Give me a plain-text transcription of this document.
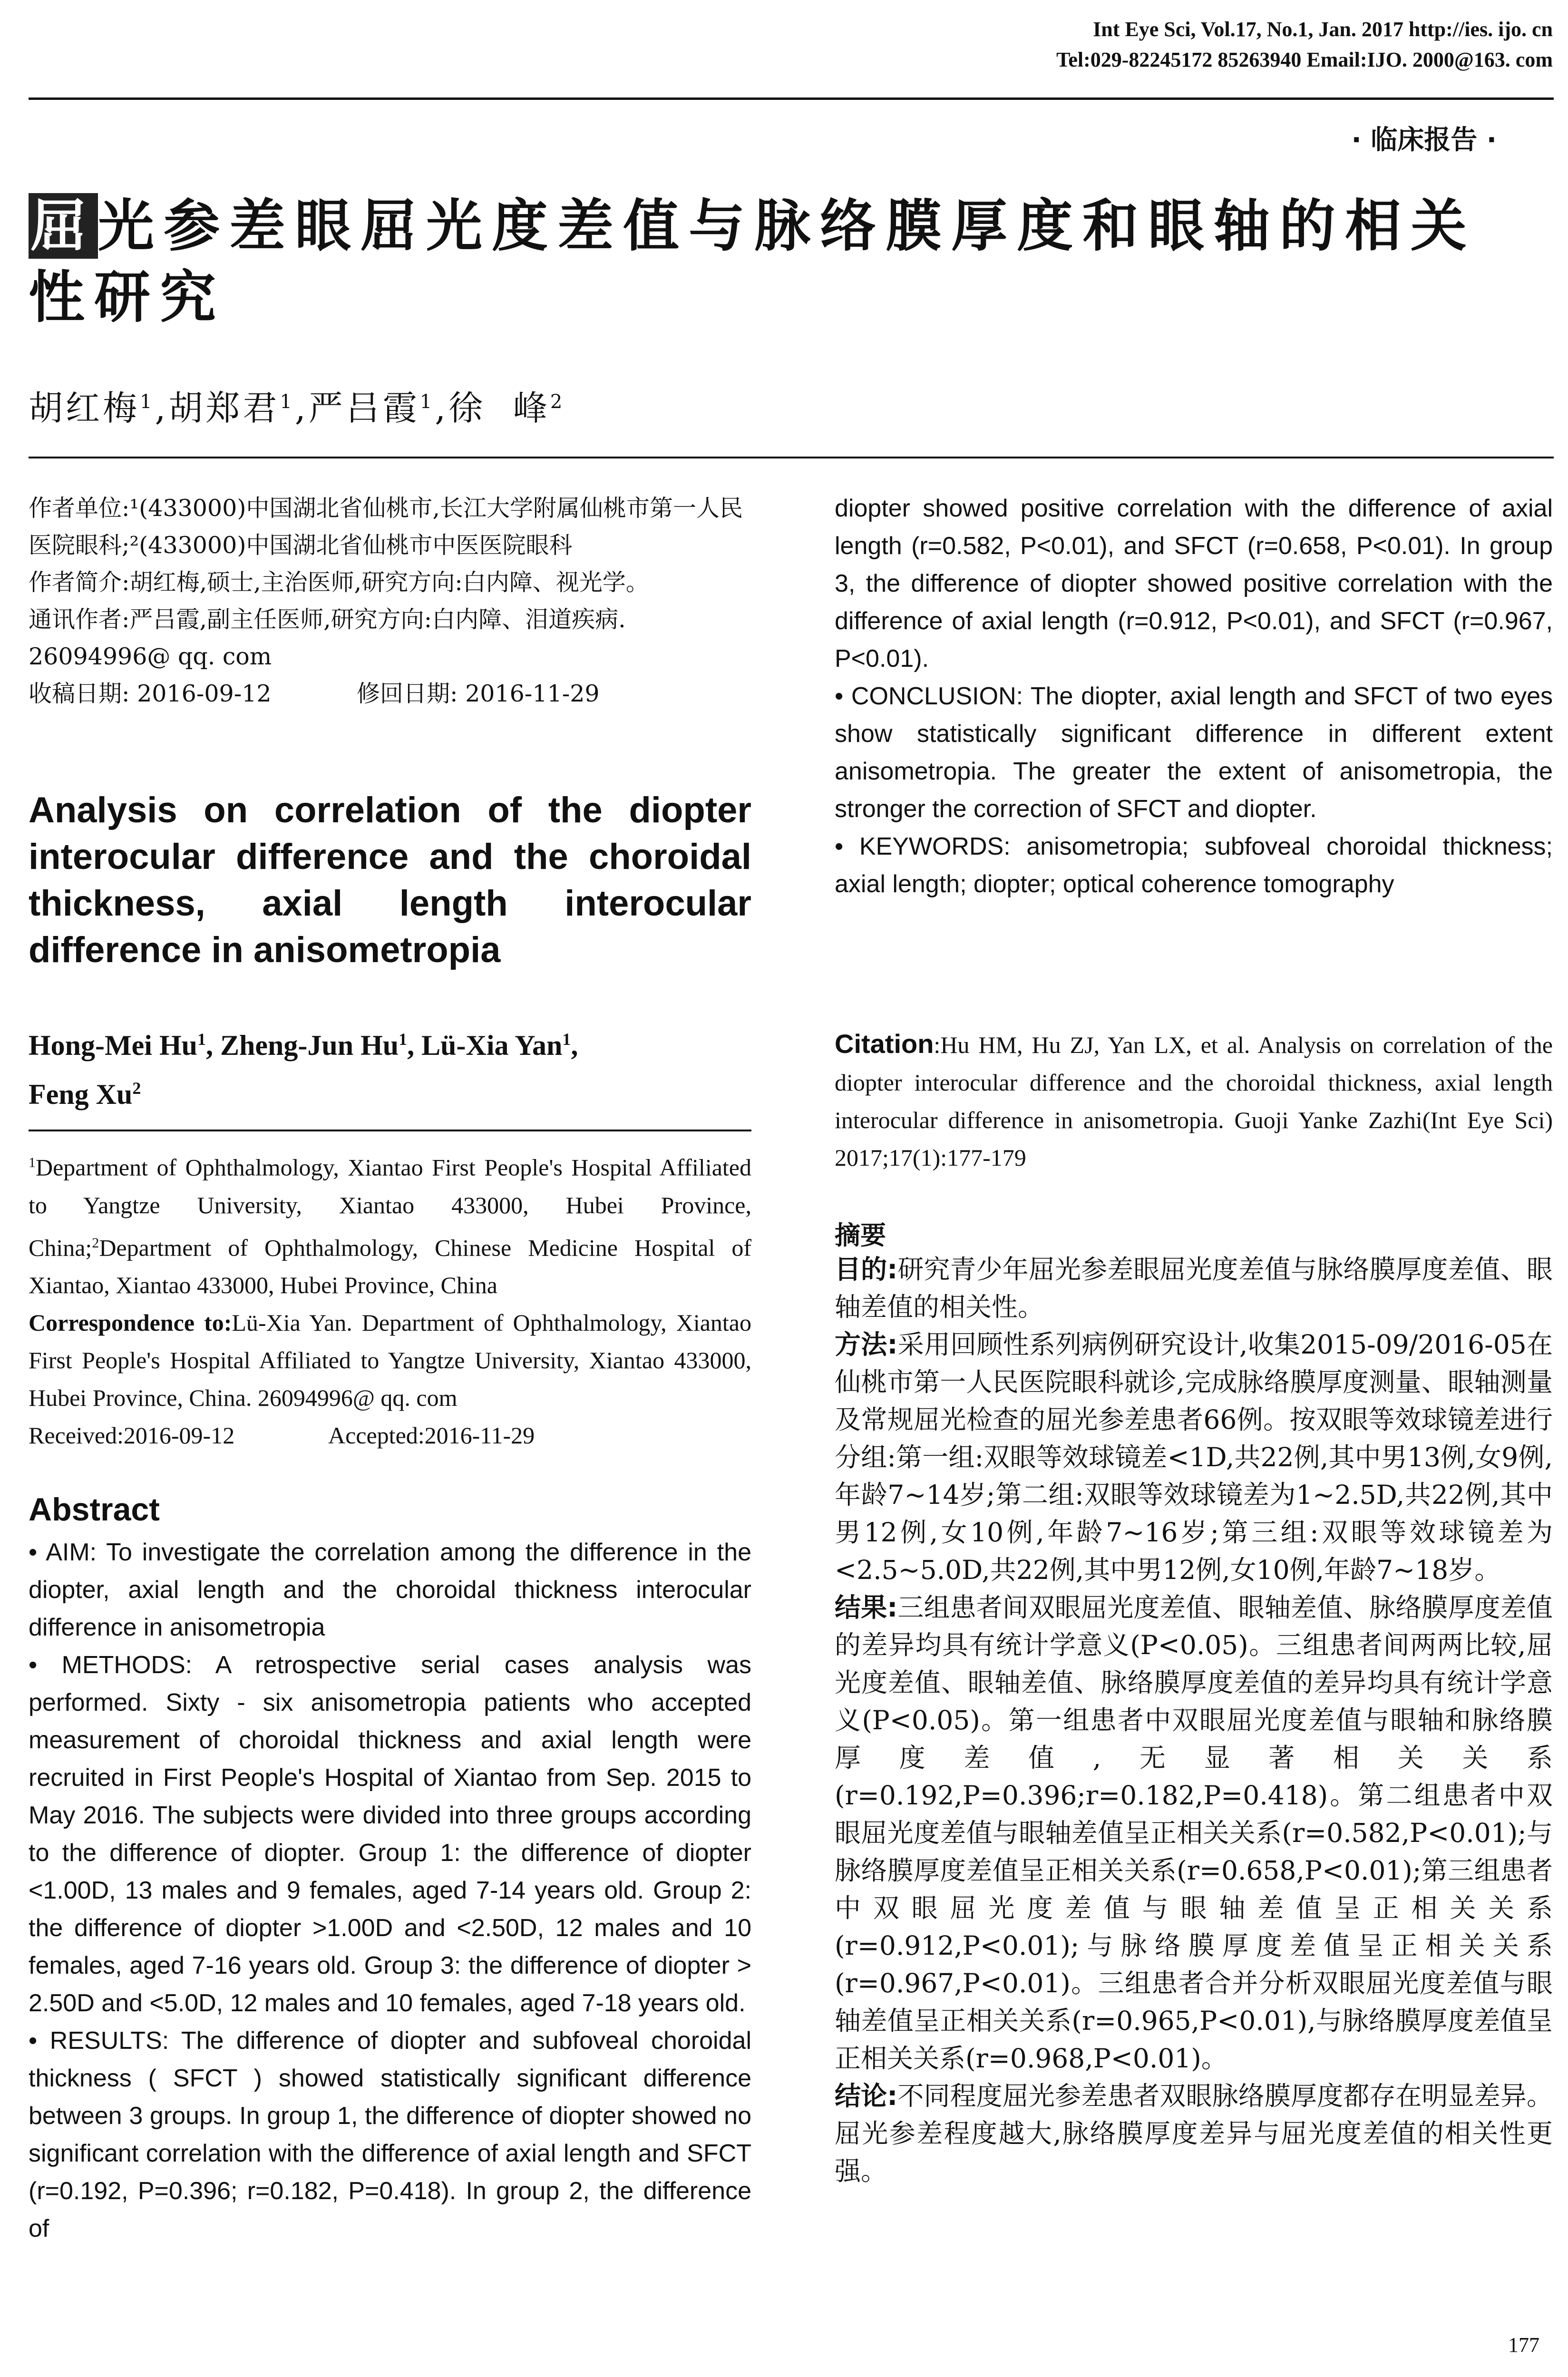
Int Eye Sci, Vol.17, No.1, Jan. 2017 http://ies. ijo. cn
Tel:029-82245172 85263940 Email:IJO. 2000@163. com
· 临床报告 ·
屈光参差眼屈光度差值与脉络膜厚度和眼轴的相关性研究
胡红梅$^1$,胡郑君$^1$,严吕霞$^1$,徐  峰$^2$

作者单位:¹(433000)中国湖北省仙桃市,长江大学附属仙桃市第一人民医院眼科;²(433000)中国湖北省仙桃市中医医院眼科

作者简介:胡红梅,硕士,主治医师,研究方向:白内障、视光学。

通讯作者:严吕霞,副主任医师,研究方向:白内障、泪道疾病. 26094996@ qq. com

收稿日期: 2016-09-12	修回日期: 2016-11-29

Analysis on correlation of the diopter interocular difference and the choroidal thickness, axial length interocular difference in anisometropia
Hong-Mei Hu$^1$, Zheng-Jun Hu$^1$, Lü-Xia Yan$^1$,
Feng Xu$^2$

$^1$Department of Ophthalmology, Xiantao First People's Hospital Affiliated to Yangtze University, Xiantao 433000, Hubei Province, China;$^2$Department of Ophthalmology, Chinese Medicine Hospital of Xiantao, Xiantao 433000, Hubei Province, China

Correspondence to:Lü-Xia Yan. Department of Ophthalmology, Xiantao First People's Hospital Affiliated to Yangtze University, Xiantao 433000, Hubei Province, China. 26094996@ qq. com

Received:2016-09-12	Accepted:2016-11-29

Abstract

• AIM: To investigate the correlation among the difference in the diopter, axial length and the choroidal thickness interocular difference in anisometropia

• METHODS: A retrospective serial cases analysis was performed. Sixty - six anisometropia patients who accepted measurement of choroidal thickness and axial length were recruited in First People's Hospital of Xiantao from Sep. 2015 to May 2016. The subjects were divided into three groups according to the difference of diopter. Group 1: the difference of diopter <1.00D, 13 males and 9 females, aged 7-14 years old. Group 2: the difference of diopter >1.00D and <2.50D, 12 males and 10 females, aged 7-16 years old. Group 3: the difference of diopter > 2.50D and <5.0D, 12 males and 10 females, aged 7-18 years old.

• RESULTS: The difference of diopter and subfoveal choroidal thickness ( SFCT ) showed statistically significant difference between 3 groups. In group 1, the difference of diopter showed no significant correlation with the difference of axial length and SFCT (r=0.192, P=0.396; r=0.182, P=0.418). In group 2, the difference of

diopter showed positive correlation with the difference of axial length (r=0.582, P<0.01), and SFCT (r=0.658, P<0.01). In group 3, the difference of diopter showed positive correlation with the difference of axial length (r=0.912, P<0.01), and SFCT (r=0.967, P<0.01).

• CONCLUSION: The diopter, axial length and SFCT of two eyes show statistically significant difference in different extent anisometropia. The greater the extent of anisometropia, the stronger the correction of SFCT and diopter.

• KEYWORDS: anisometropia; subfoveal choroidal thickness; axial length; diopter; optical coherence tomography

Citation:Hu HM, Hu ZJ, Yan LX, et al. Analysis on correlation of the diopter interocular difference and the choroidal thickness, axial length interocular difference in anisometropia. Guoji Yanke Zazhi(Int Eye Sci) 2017;17(1):177-179
摘要

目的:研究青少年屈光参差眼屈光度差值与脉络膜厚度差值、眼轴差值的相关性。

方法:采用回顾性系列病例研究设计,收集2015-09/2016-05在仙桃市第一人民医院眼科就诊,完成脉络膜厚度测量、眼轴测量及常规屈光检查的屈光参差患者66例。按双眼等效球镜差进行分组:第一组:双眼等效球镜差<1D,共22例,其中男13例,女9例,年龄7~14岁;第二组:双眼等效球镜差为1~2.5D,共22例,其中男12例,女10例,年龄7~16岁;第三组:双眼等效球镜差为<2.5~5.0D,共22例,其中男12例,女10例,年龄7~18岁。

结果:三组患者间双眼屈光度差值、眼轴差值、脉络膜厚度差值的差异均具有统计学意义(P<0.05)。三组患者间两两比较,屈光度差值、眼轴差值、脉络膜厚度差值的差异均具有统计学意义(P<0.05)。第一组患者中双眼屈光度差值与眼轴和脉络膜厚度差值,无显著相关关系(r=0.192,P=0.396;r=0.182,P=0.418)。第二组患者中双眼屈光度差值与眼轴差值呈正相关关系(r=0.582,P<0.01);与脉络膜厚度差值呈正相关关系(r=0.658,P<0.01);第三组患者中双眼屈光度差值与眼轴差值呈正相关关系(r=0.912,P<0.01);与脉络膜厚度差值呈正相关关系(r=0.967,P<0.01)。三组患者合并分析双眼屈光度差值与眼轴差值呈正相关关系(r=0.965,P<0.01),与脉络膜厚度差值呈正相关关系(r=0.968,P<0.01)。

结论:不同程度屈光参差患者双眼脉络膜厚度都存在明显差异。屈光参差程度越大,脉络膜厚度差异与屈光度差值的相关性更强。

177
